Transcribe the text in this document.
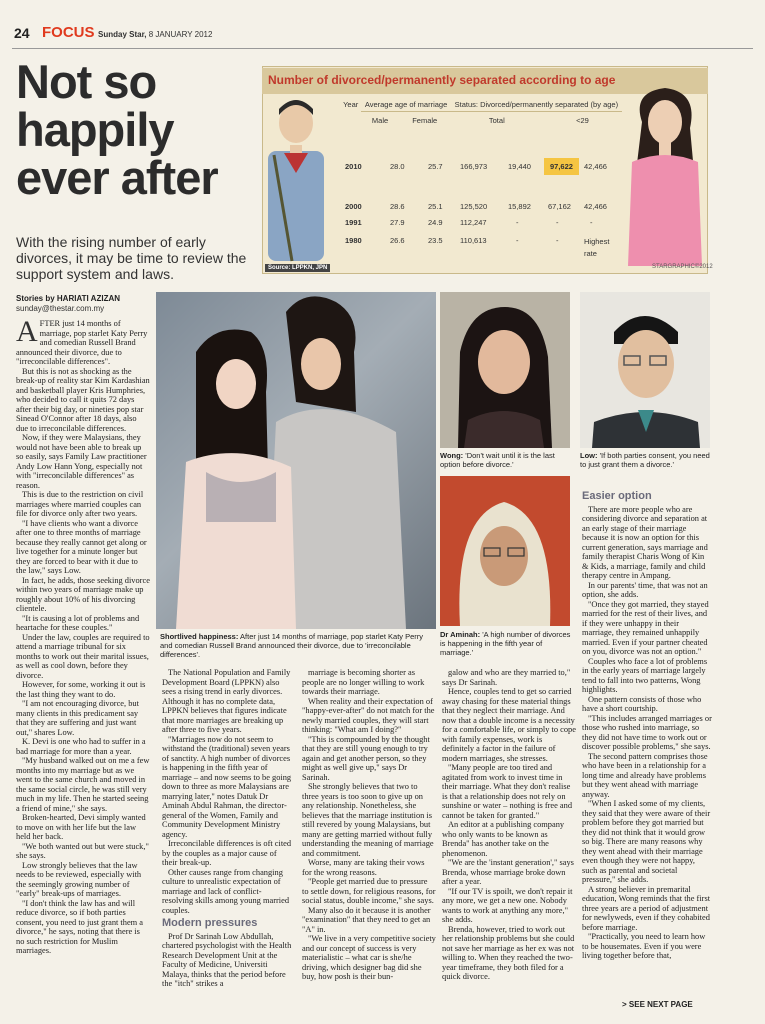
24 FOCUS Sunday Star, 8 JANUARY 2012
Not so
happily
ever after
With the rising number of early divorces, it may be time to review the support system and laws.
Stories by HARIATI AZIZAN
sunday@thestar.com.my
Number of divorced/permanently separated according to age
Year	Average age of marriage		Status: Divorced/permanently separated (by age)	
	Male	Female	Total	<29
2010	28.0	25.7 166,973	19,440	97,622	42,466
2000	28.6	25.1 125,520	15,892 67,162 42,466
1991	27.9	24.9 112,247	-	-	-
1980	26.6	23.5 110,613	-	-	Highest rate
Source: LPPKN, JPN	STARGRAPHIC©2012
Shortlived happiness: After just 14 months of marriage, pop starlet Katy Perry and comedian Russell Brand announced their divorce, due to 'irreconcilable differences'.
Wong: 'Don't wait until it is the last option before divorce.'
Low: 'If both parties consent, you need to just grant them a divorce.'
Dr Aminah: 'A high number of divorces is happening in the fifth year of marriage.'
A FTER just 14 months of marriage, pop starlet Katy Perry and comedian Russell Brand announced their divorce, due to "irreconcilable differences".

But this is not as shocking as the break-up of reality star Kim Kardashian and basketball player Kris Humphries, who decided to call it quits 72 days after their big day, or nineties pop star Sinead O'Connor after 18 days, also due to irreconcilable differences.

Now, if they were Malaysians, they would not have been able to break up so easily, says Family Law practitioner Andy Low Hann Yong, especially not with "irreconcilable differences" as reason.

This is due to the restriction on civil marriages where married couples can file for divorce only after two years.

"I have clients who want a divorce after one to three months of marriage because they really cannot get along or live together for a minute longer but they are forced to bear with it due to the law," says Low.

In fact, he adds, those seeking divorce within two years of marriage make up roughly about 10% of his divorcing clientele.

"It is causing a lot of problems and heartache for these couples."

Under the law, couples are required to attend a marriage tribunal for six months to work out their marital issues, as well as cool down, before they divorce.

However, for some, working it out is the last thing they want to do.

"I am not encouraging divorce, but many clients in this predicament say that they are suffering and just want out," shares Low.

K. Devi is one who had to suffer in a bad marriage for more than a year.

"My husband walked out on me a few months into my marriage but as we went to the same church and moved in the same social circle, he was still very much in my life. Then he started seeing a friend of mine," she says.

Broken-hearted, Devi simply wanted to move on with her life but the law held her back.

"We both wanted out but were stuck," she says.

Low strongly believes that the law needs to be reviewed, especially with the seemingly growing number of "early" break-ups of marriages.

"I don't think the law has and will reduce divorce, so if both parties consent, you need to just grant them a divorce," he says, noting that there is no such restriction for Muslim marriages.

The National Population and Family Development Board (LPPKN) also sees a rising trend in early divorces. Although it has no complete data, LPPKN believes that figures indicate that more marriages are breaking up after three to five years.

"Marriages now do not seem to withstand the (traditional) seven years of sanctity. A high number of divorces is happening in the fifth year of marriage – and now seems to be going down to three as more Malaysians are marrying later," notes Datuk Dr Aminah Abdul Rahman, the director-general of the Women, Family and Community Development Ministry agency.

Irreconcilable differences is oft cited by the couples as a major cause of their break-up.

Other causes range from changing culture to unrealistic expectation of marriage and lack of conflict-resolving skills among young married couples.

Modern pressures

Prof Dr Sarinah Low Abdullah, chartered psychologist with the Health Research Development Unit at the Faculty of Medicine, Universiti Malaya, thinks that the period before the "itch" strikes a

marriage is becoming shorter as people are no longer willing to work towards their marriage.

When reality and their expectation of "happy-ever-after" do not match for the newly married couples, they will start thinking: "What am I doing?"

"This is compounded by the thought that they are still young enough to try again and get another person, so they might as well give up," says Dr Sarinah.

She strongly believes that two to three years is too soon to give up on any relationship. Nonetheless, she believes that the marriage institution is still revered by young Malaysians, but many are getting married without fully understanding the meaning of marriage and commitment.

Worse, many are taking their vows for the wrong reasons.

"People get married due to pressure to settle down, for religious reasons, for social status, double income," she says.

Many also do it because it is another "examination" that they need to get an "A" in.

"We live in a very competitive society and our concept of success is very materialistic – what car is she/he driving, which designer bag did she buy, how posh is their bun-

galow and who are they married to," says Dr Sarinah.

Hence, couples tend to get so carried away chasing for these material things that they neglect their marriage. And now that a double income is a necessity for a comfortable life, or simply to cope with family expenses, work is definitely a factor in the failure of modern marriages, she stresses.

"Many people are too tired and agitated from work to invest time in their marriage. What they don't realise is that a relationship does not rely on sunshine or water – nothing is free and cannot be taken for granted."

An editor at a publishing company who only wants to be known as Brenda" has another take on the phenomenon.

"We are the 'instant generation'," says Brenda, whose marriage broke down after a year.

"If our TV is spoilt, we don't repair it any more, we get a new one. Nobody wants to work at anything any more," she adds.

Brenda, however, tried to work out her relationship problems but she could not save her marriage as her ex was not willing to. When they reached the two-year timeframe, they both filed for a quick divorce.

Easier option

There are more people who are considering divorce and separation at an early stage of their marriage because it is now an option for this current generation, says marriage and family therapist Charis Wong of Kin & Kids, a marriage, family and child therapy centre in Ampang.

In our parents' time, that was not an option, she adds.

"Once they got married, they stayed married for the rest of their lives, and if they were unhappy in their marriage, they remained unhappily married. Even if your partner cheated on you, divorce was not an option."

Couples who face a lot of problems in the early years of marriage largely tend to fall into two patterns, Wong highlights.

One pattern consists of those who have a short courtship.

"This includes arranged marriages or those who rushed into marriage, so they did not have time to work out or discover possible problems," she says.

The second pattern comprises those who have been in a relationship for a long time and already have problems but they went ahead with marriage anyway.

"When I asked some of my clients, they said that they were aware of their problem before they got married but they did not think that it would grow so big. There are many reasons why they went ahead with their marriage even though they were not happy, such as parental and societal pressure," she adds.

A strong believer in premarital education, Wong reminds that the first three years are a period of adjustment for newlyweds, even if they cohabited before marriage.

"Practically, you need to learn how to be housemates. Even if you were living together before that,

> SEE NEXT PAGE
